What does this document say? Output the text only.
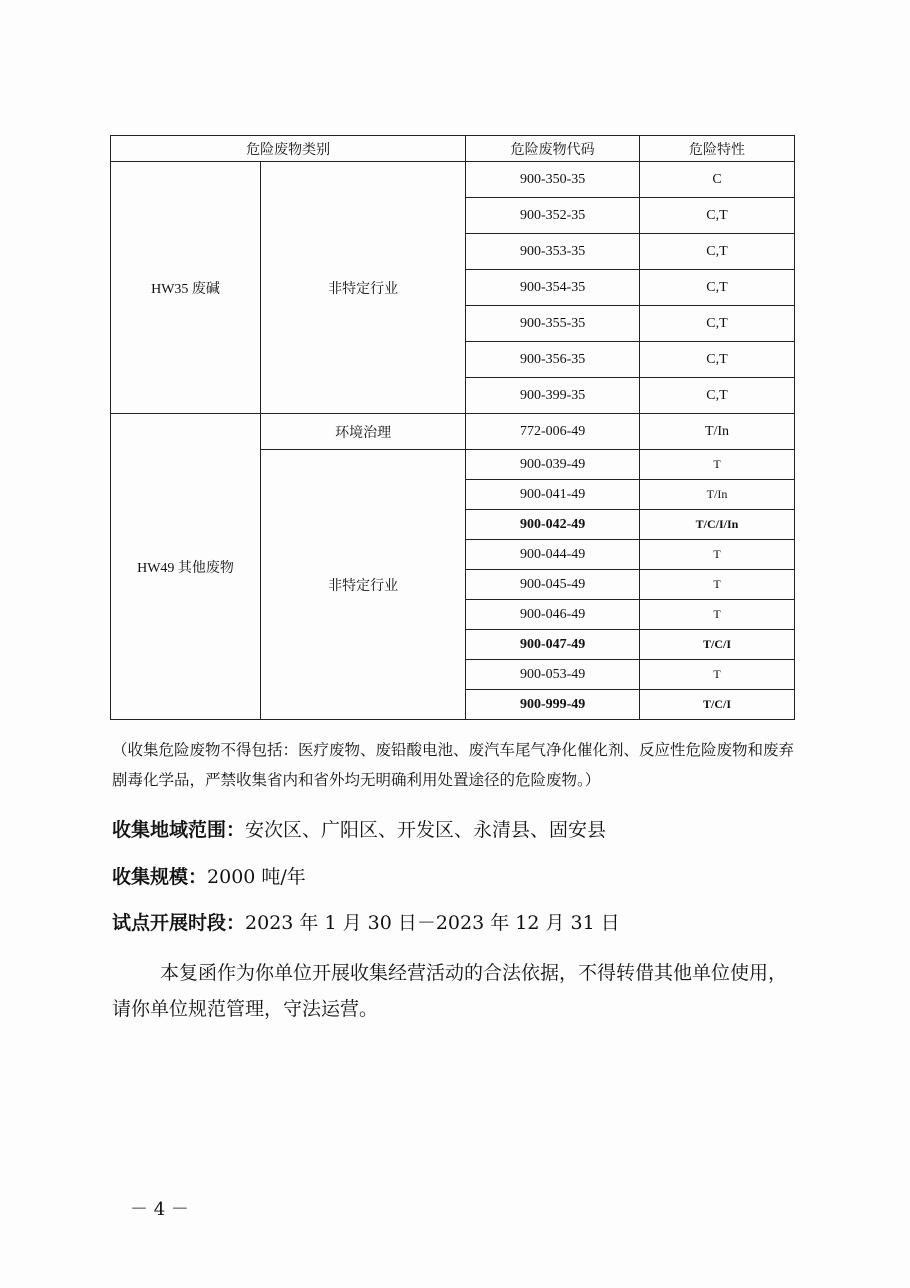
危险废物类别		危险废物代码	危险特性
HW35 废碱	非特定行业	900-350-35	C
		900-352-35	C,T
		900-353-35	C,T
		900-354-35	C,T
		900-355-35	C,T
		900-356-35	C,T
		900-399-35	C,T
HW49 其他废物	环境治理	772-006-49	T/In
	非特定行业	900-039-49	T
		900-041-49	T/In
		900-042-49	T/C/I/In
		900-044-49	T
		900-045-49	T
		900-046-49	T
		900-047-49	T/C/I
		900-053-49	T
		900-999-49	T/C/I
（收集危险废物不得包括：医疗废物、废铅酸电池、废汽车尾气净化催化剂、反应性危险废物和废弃剧毒化学品，严禁收集省内和省外均无明确利用处置途径的危险废物。）
收集地域范围：安次区、广阳区、开发区、永清县、固安县
收集规模：2000 吨/年
试点开展时段：2023 年 1 月 30 日－2023 年 12 月 31 日
本复函作为你单位开展收集经营活动的合法依据，不得转借其他单位使用，请你单位规范管理，守法运营。
－ 4 －
